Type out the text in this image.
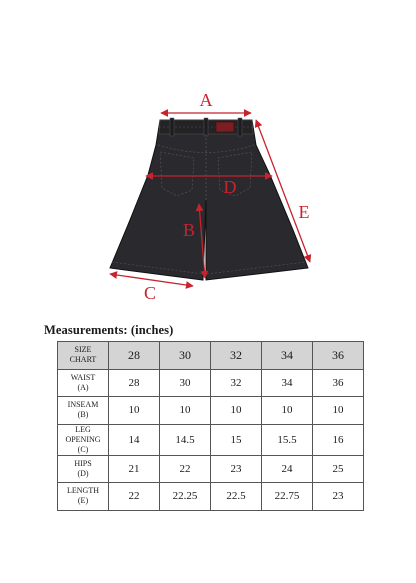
A
D
E
B
C
Measurements: (inches)
SIZE
CHART	28	30	32	34	36

WAIST
(A)	28	30	32	34	36

INSEAM
(B)	10	10	10	10	10

LEG OPENING
(C)	14	14.5	15	15.5	16

HIPS
(D)	21	22	23	24	25

LENGTH
(E)	22	22.25	22.5	22.75	23
